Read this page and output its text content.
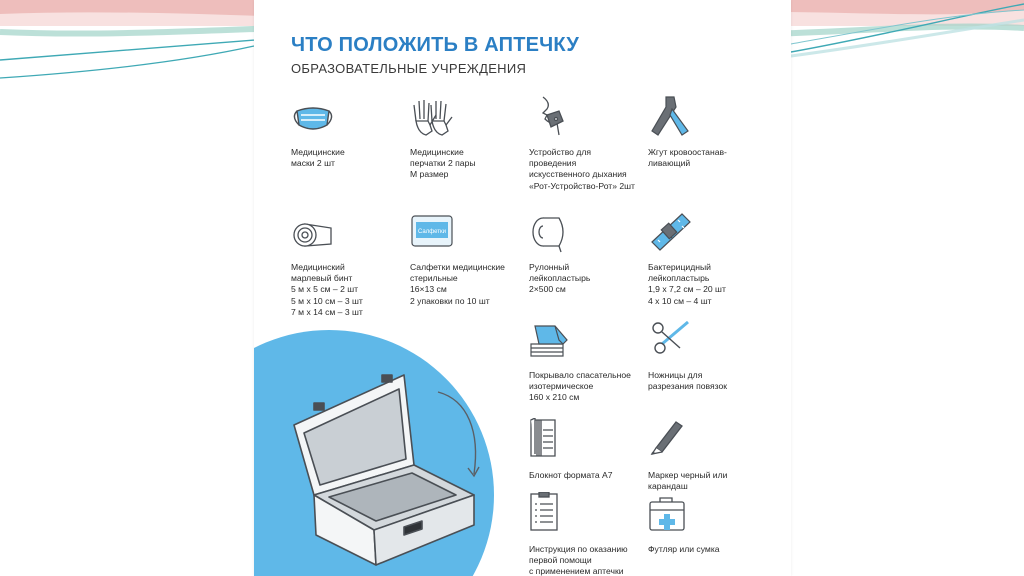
ЧТО ПОЛОЖИТЬ В АПТЕЧКУ
ОБРАЗОВАТЕЛЬНЫЕ УЧРЕЖДЕНИЯ
Медицинские
маски 2 шт
Медицинские
перчатки 2 пары
М размер
Устройство для
проведения
искусственного дыхания
«Рот-Устройство-Рот» 2шт
Жгут кровоостанав-
ливающий
Медицинский
марлевый бинт
5 м х 5 см – 2 шт
5 м х 10 см – 3 шт
7 м х 14 см – 3 шт
Салфетки
Салфетки медицинские
стерильные
16×13 см
2 упаковки по 10 шт
Рулонный
лейкопластырь
2×500 см
Бактерицидный
лейкопластырь
1,9 х 7,2 см – 20 шт
4 х 10 см – 4 шт
Покрывало спасательное
изотермическое
160 х 210 см
Ножницы для
разрезания повязок
Блокнот формата А7	Маркер черный или
карандаш
Инструкция по оказанию
первой помощи
с применением аптечки
Футляр или сумка
